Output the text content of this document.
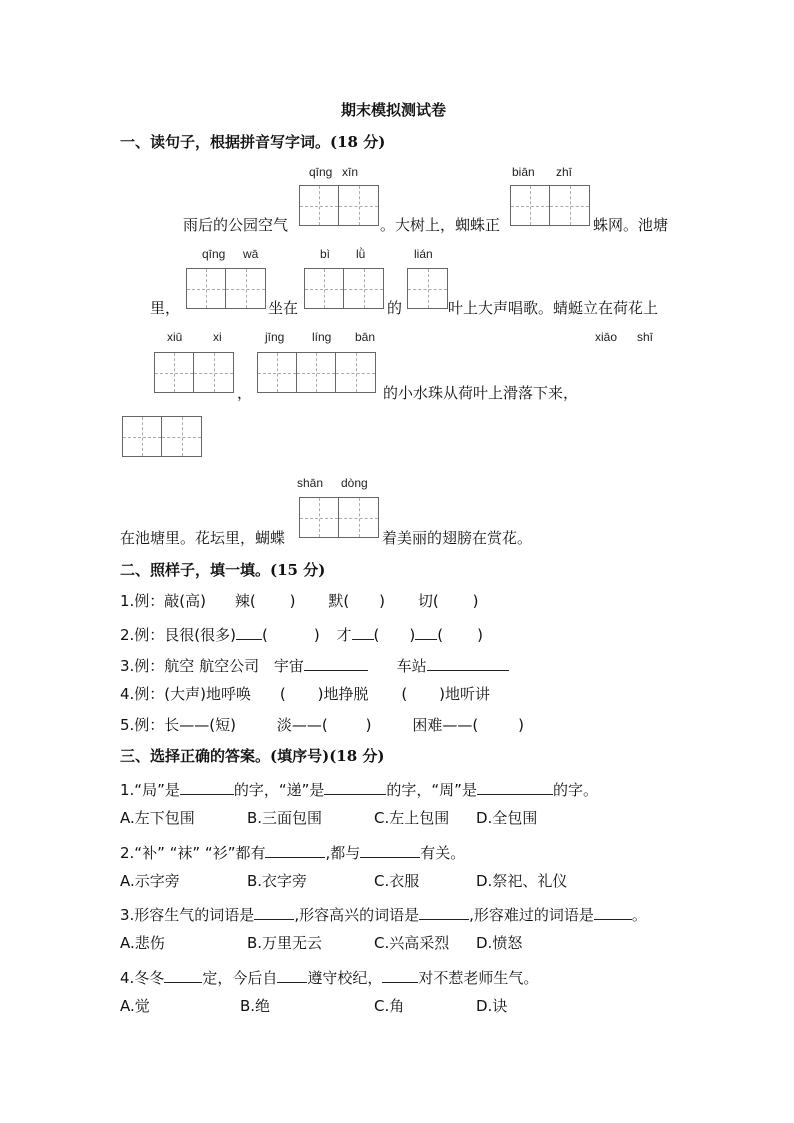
期末模拟测试卷
一、读句子，根据拼音写字词。(18 分)
qīng xīn	biān zhī
雨后的公园空气	。大树上，蜘蛛正	蛛网。池塘
qīng wā	bì lǜ	lián
里，	坐在	的	叶上大声唱歌。蜻蜓立在荷花上
xiū	xi	jīng líng bān	xiāo shī
，	的小水珠从荷叶上滑落下来，
shān dòng
在池塘里。花坛里，蝴蝶	着美丽的翅膀在赏花。
二、照样子，填一填。(15 分)
1.例：敲(高) 辣( ) 默( ) 切( )
2.例：艮很(很多) (	) 才 ( ) ( )
3.例：航空 航空公司 宇宙	车站
4.例：(大声)地呼唤 ( )地挣脱 ( )地听讲
5.例：长——(短)	淡——(	)	困难——(	)
三、选择正确的答案。(填序号)(18 分)
1.“局”是	的字，“递”是	的字，“周”是	的字。
A.左下包围	B.三面包围	C.左上包围 D.全包围
2.“补” “袜” “衫”都有	,都与	有关。
A.示字旁	B.衣字旁	C.衣服	D.祭祀、礼仪
3.形容生气的词语是	,形容高兴的词语是	,形容难过的词语是	。
A.悲伤	B.万里无云	C.兴高采烈 D.愤怒
4.冬冬	定，今后自 遵守校纪， 对不惹老师生气。
A.觉	B.绝	C.角	D.诀
